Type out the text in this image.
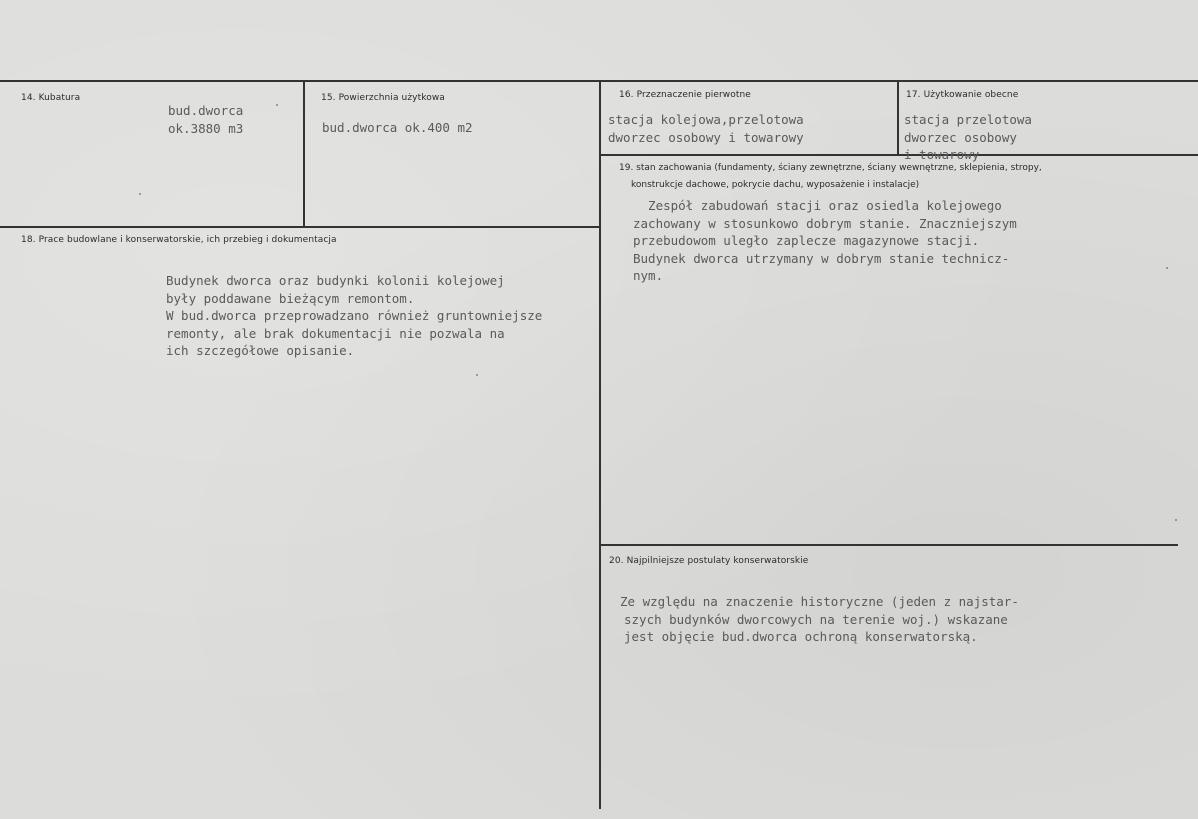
14. Kubatura
bud.dworca
ok.3880 m3
15. Powierzchnia użytkowa
bud.dworca ok.400 m2
16. Przeznaczenie pierwotne
stacja kolejowa,przelotowa
dworzec osobowy i towarowy
17. Użytkowanie obecne
stacja przelotowa
dworzec osobowy
i towarowy
18. Prace budowlane i konserwatorskie, ich przebieg i dokumentacja
Budynek dworca oraz budynki kolonii kolejowej
były poddawane bieżącym remontom.
W bud.dworca przeprowadzano również gruntowniejsze
remonty, ale brak dokumentacji nie pozwala na
ich szczegółowe opisanie.
19. stan zachowania (fundamenty, ściany zewnętrzne, ściany wewnętrzne, sklepienia, stropy,
konstrukcje dachowe, pokrycie dachu, wyposażenie i instalacje)
Zespół zabudowań stacji oraz osiedla kolejowego
zachowany w stosunkowo dobrym stanie. Znaczniejszym
przebudowom uległo zaplecze magazynowe stacji.
Budynek dworca utrzymany w dobrym stanie technicz-
nym.
20. Najpilniejsze postulaty konserwatorskie
Ze względu na znaczenie historyczne (jeden z najstar-
szych budynków dworcowych na terenie woj.) wskazane
jest objęcie bud.dworca ochroną konserwatorską.
